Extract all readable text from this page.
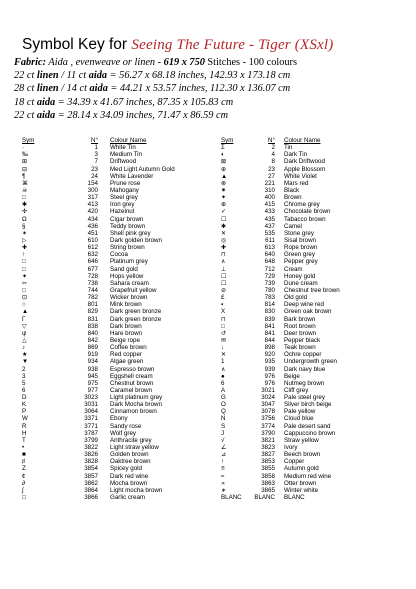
Symbol Key for Seeing The Future - Tiger (XSxl)
Fabric: Aida , evenweave or linen - 619 x 750 Stitches - 100 colours
22 ct linen / 11 ct aida = 56.27 x 68.18 inches, 142.93 x 173.18 cm
28 ct linen / 14 ct aida = 44.21 x 53.57 inches, 112.30 x 136.07 cm
18 ct aida = 34.39 x 41.67 inches, 87.35 x 105.83 cm
22 ct aida = 28.14 x 34.09 inches, 71.47 x 86.59 cm
Sym	N° Colour Name
·	1 White Tin
‰	3 Medium Tin
⊞	7 Driftwood
⊟	23 Med Light Autumn Gold
¶	24 White Lavender
⌘	154 Prune rose
☠	300 Mahogany
□	317 Steel grey
✱	413 Iron grey
✣	420 Hazelnut
Ω	434 Cigar brown
§	436 Teddy brown
✶	451 Shell pink grey
▷	610 Dark golden brown
✚	612 String brown
↑	632 Cocoa
□	646 Platinum grey
□	677 Sand gold
✦	728 Hops yellow
✂	738 Sahara cream
□	744 Grapefruit yellow
⊡	782 Wicker brown
○	801 Mink brown
▲	829 Dark green bronze
Γ	831 Dark green bronze
▽	838 Dark brown
ψ	840 Hare brown
△	842 Beige rope
♪	869 Coffee brown
★	919 Red copper
▼	934 Algae green
2	938 Espresso brown
3	945 Eggshell cream
5	975 Chestnut brown
6	977 Caramel brown
D	3023 Light platinum grey
K	3031 Dark Mocha brown
P	3064 Cinnamon brown
W	3371 Ebony
R	3771 Sandy rose
H	3787 Wolf grey
T	3799 Anthracite grey
•	3822 Light straw yellow
■	3826 Golden brown
♯	3828 Oaktree brown
Z	3854 Spicey gold
¢	3857 Dark red wine
∂	3862 Mocha brown
∫	3864 Light mocha brown
□	3866 Garlic cream
Sym	N° Colour Name
Σ	2 Tin
◐	4 Dark Tin
⊠	8 Dark Driftwood
⊕	23 Apple Blossom
▲	27 White Violet
⊗	221 Mars red
✷	310 Black
✦	400 Brown
⊕	415 Chrome grey
✓	433 Chocolate brown
☐	435 Tabacco brown
✱	437 Camel
✕	535 Stone grey
◎	611 Sisal brown
✚	613 Rope brown
⊓	640 Green grey
∧	648 Pepper grey
⊥	712 Cream
☐	729 Honey gold
☐	739 Dune cream
⊘	780 Chestnut tree brown
£	783 Old gold
▪	814 Deep wine red
X	830 Green oak brown
⊓	839 Bark brown
□	841 Root brown
↺	841 Deer brown
✉	844 Pepper black
↓	898 Teak brown
✕	920 Ochre copper
1	935 Undergrowth green
∧	939 Dark navy blue
●	976 Beige
6	976 Nutmeg brown
A	3021 Cliff grey
G	3024 Pale steel grey
O	3047 Silver birch beige
Q	3078 Pale yellow
N	3756 Cloud blue
S	3774 Pale desert sand
J	3790 Cappuccino brown
√	3821 Straw yellow
∠	3823 Ivory
⊿	3827 Beech brown
↑	3853 Copper
≡	3855 Autumn gold
≈	3858 Medium red wine
∝	3863 Otter brown
∗	3865 Winter white
BLANC	BLANC BLANC
